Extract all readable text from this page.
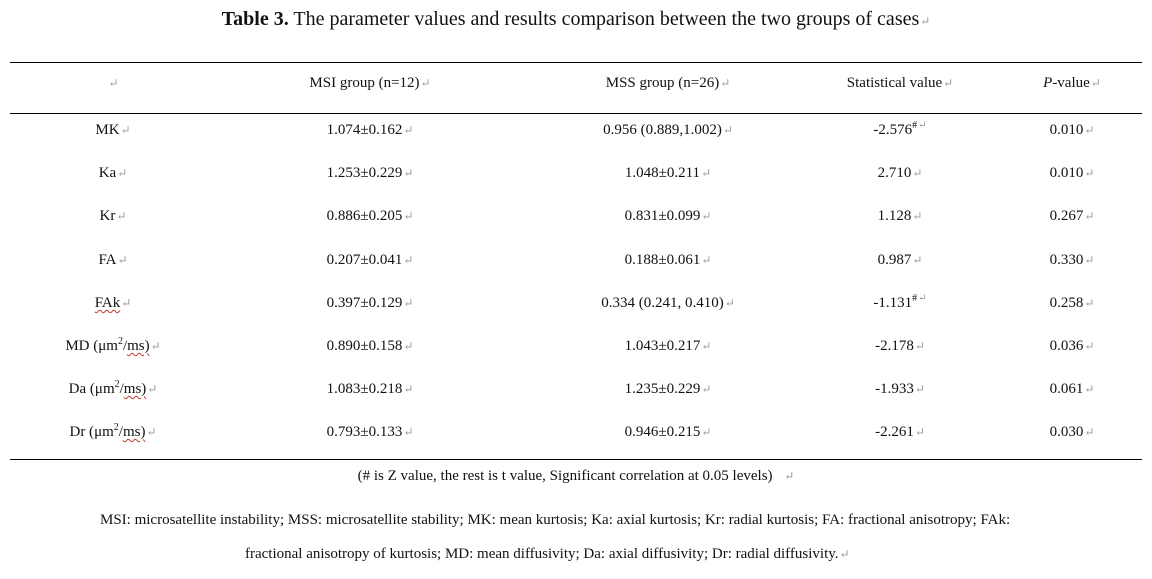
Table 3. The parameter values and results comparison between the two groups of cases↵
↵	MSI group (n=12)↵	MSS group (n=26)↵	Statistical value↵	P-value↵
MK↵	1.074±0.162↵	0.956 (0.889,1.002)↵	-2.576#↵	0.010↵
Ka↵	1.253±0.229↵	1.048±0.211↵	2.710↵	0.010↵
Kr↵	0.886±0.205↵	0.831±0.099↵	1.128↵	0.267↵
FA↵	0.207±0.041↵	0.188±0.061↵	0.987↵	0.330↵
FAk↵	0.397±0.129↵	0.334 (0.241, 0.410)↵	-1.131#↵	0.258↵
MD $(\mu m^2/ms)↵$	0.890±0.158↵	1.043±0.217↵	-2.178↵	0.036↵
Da $(\mu m^2/ms)↵$	1.083±0.218↵	1.235±0.229↵	-1.933↵	0.061↵
Dr $(\mu m^2/ms)↵$	0.793±0.133↵	0.946±0.215↵	-2.261↵	0.030↵
(# is Z value, the rest is t value, Significant correlation at 0.05 levels) ↵
MSI: microsatellite instability; MSS: microsatellite stability; MK: mean kurtosis; Ka: axial kurtosis; Kr: radial kurtosis; FA: fractional anisotropy; FAk:
fractional anisotropy of kurtosis; MD: mean diffusivity; Da: axial diffusivity; Dr: radial diffusivity.↵
